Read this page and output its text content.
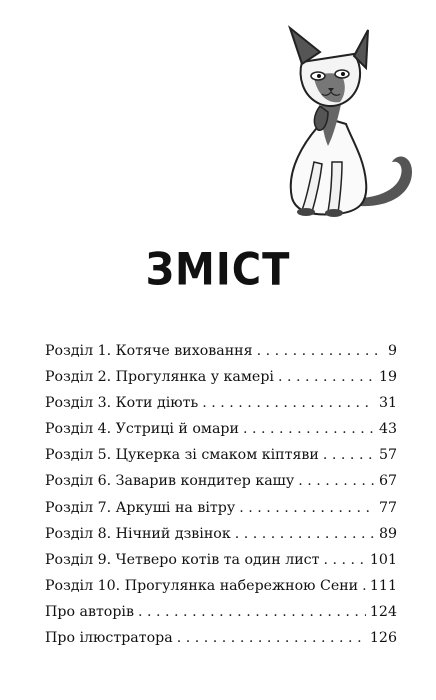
ЗМІСТ
Розділ 1. Котяче виховання . . .	9
Розділ 2. Прогулянка у камері . . .	19
Розділ 3. Коти діють . . .	31
Розділ 4. Устриці й омари . . .	43
Розділ 5. Цукерка зі смаком кіптяви . . .	57
Розділ 6. Заварив кондитер кашу . . .	67
Розділ 7. Аркуші на вітру . . .	77
Розділ 8. Нічний дзвінок . . .	89
Розділ 9. Четверо котів та один лист . . .	101
Розділ 10. Прогулянка набережною Сени . . . 111
Про авторів . . .	124
Про ілюстратора . . .	126
